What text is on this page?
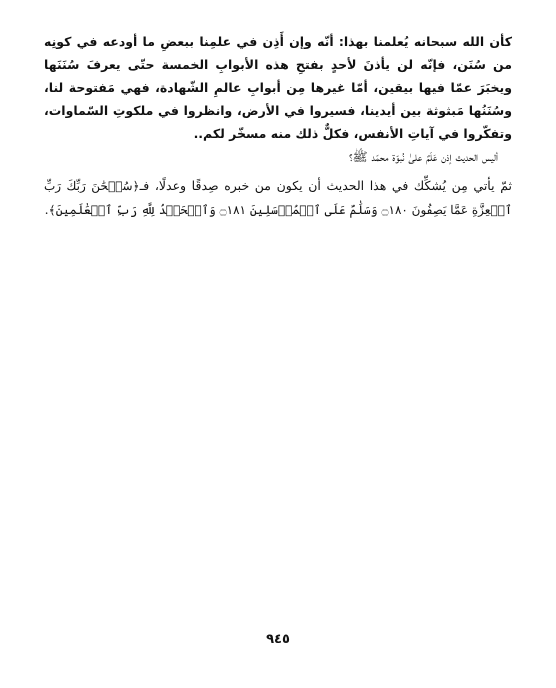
كأن الله سبحانه يُعلمنا بهذا: أنّه وإن أَذِن في علمِنا ببعضِ ما أودعه في كونِه من سُنَن، فإنّه لن يأذنَ لأحدٍ بفتحِ هذه الأبوابِ الخمسة حتّى يعرفَ سُنَنَها ويخبَرَ عمّا فيها بيقين، أمّا غيرها مِن أبوابِ عالمِ الشّهادة، فهي مَفتوحة لنا، وسُنَنُها مَبثوثة بين أيدينا، فسيروا في الأرض، وانظروا في ملكوتِ السّماوات، وتفكّروا في آياتِ الأنفس، فكلٌّ ذلك منه مسخّر لكم..

أليس الحديث إذن عَلَمٌ علىٰ نُبوّة محمّد ﷺ؟

ثمّ يأتي مِن يُشكِّك في هذا الحديث أن يكون من خبره صِدقًا وعدلًا، فـ﴿سُبۡحَٰنَ رَبِّكَ رَبِّ ٱلۡعِزَّةِ عَمَّا يَصِفُونَ ۝١٨٠ وَسَلَٰمٌ عَلَى ٱلۡمُرۡسَلِينَ ۝١٨١ وَٱلۡحَمۡدُ لِلَّهِ رَبِّ ٱلۡعَٰلَمِينَ﴾.

٩٤٥
